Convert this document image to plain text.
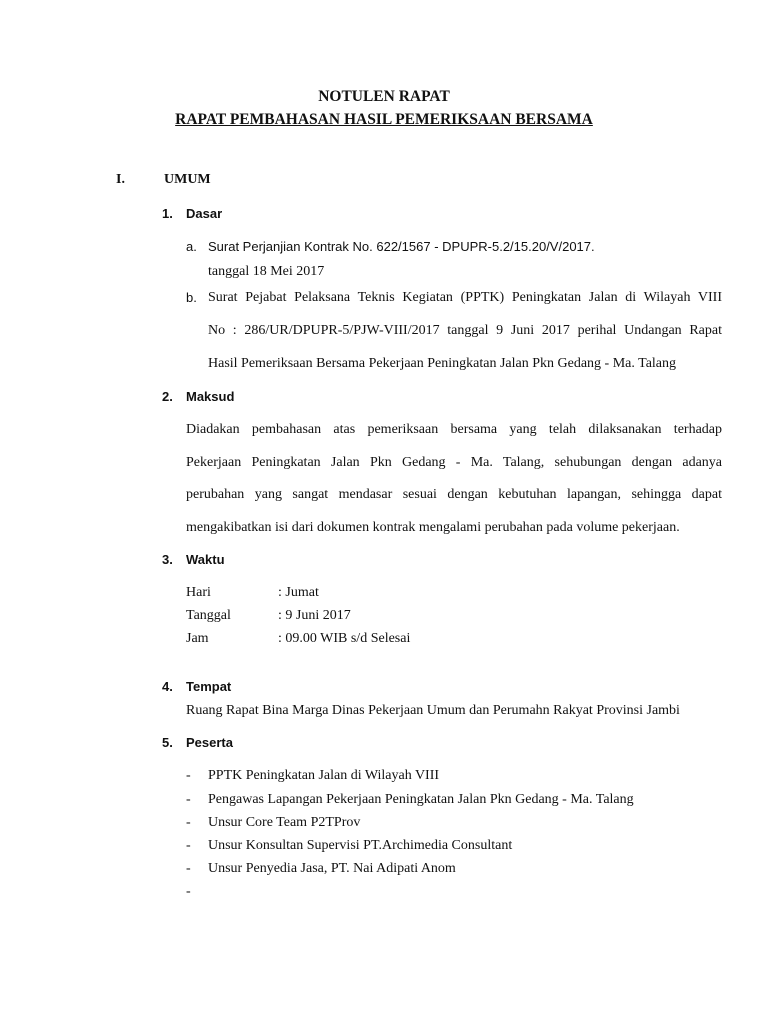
NOTULEN RAPAT
RAPAT PEMBAHASAN HASIL PEMERIKSAAN BERSAMA
I.	UMUM
1. Dasar
a. Surat Perjanjian Kontrak No. 622/1567 - DPUPR-5.2/15.20/V/2017.
tanggal 18 Mei 2017
b. Surat Pejabat Pelaksana Teknis Kegiatan (PPTK) Peningkatan Jalan di Wilayah VIII
No : 286/UR/DPUPR-5/PJW-VIII/2017 tanggal 9 Juni 2017 perihal Undangan Rapat
Hasil Pemeriksaan Bersama Pekerjaan Peningkatan Jalan Pkn Gedang - Ma. Talang
2. Maksud
Diadakan pembahasan atas pemeriksaan bersama yang telah dilaksanakan terhadap
Pekerjaan Peningkatan Jalan Pkn Gedang - Ma. Talang, sehubungan dengan adanya
perubahan yang sangat mendasar sesuai dengan kebutuhan lapangan, sehingga dapat
mengakibatkan isi dari dokumen kontrak mengalami perubahan pada volume pekerjaan.
3. Waktu
Hari	: Jumat
Tanggal	: 9 Juni 2017
Jam	: 09.00 WIB s/d Selesai
4. Tempat
Ruang Rapat Bina Marga Dinas Pekerjaan Umum dan Perumahn Rakyat Provinsi Jambi
5. Peserta
- PPTK Peningkatan Jalan di Wilayah VIII
- Pengawas Lapangan Pekerjaan Peningkatan Jalan Pkn Gedang - Ma. Talang
- Unsur Core Team P2TProv
- Unsur Konsultan Supervisi PT.Archimedia Consultant
- Unsur Penyedia Jasa, PT. Nai Adipati Anom
-
